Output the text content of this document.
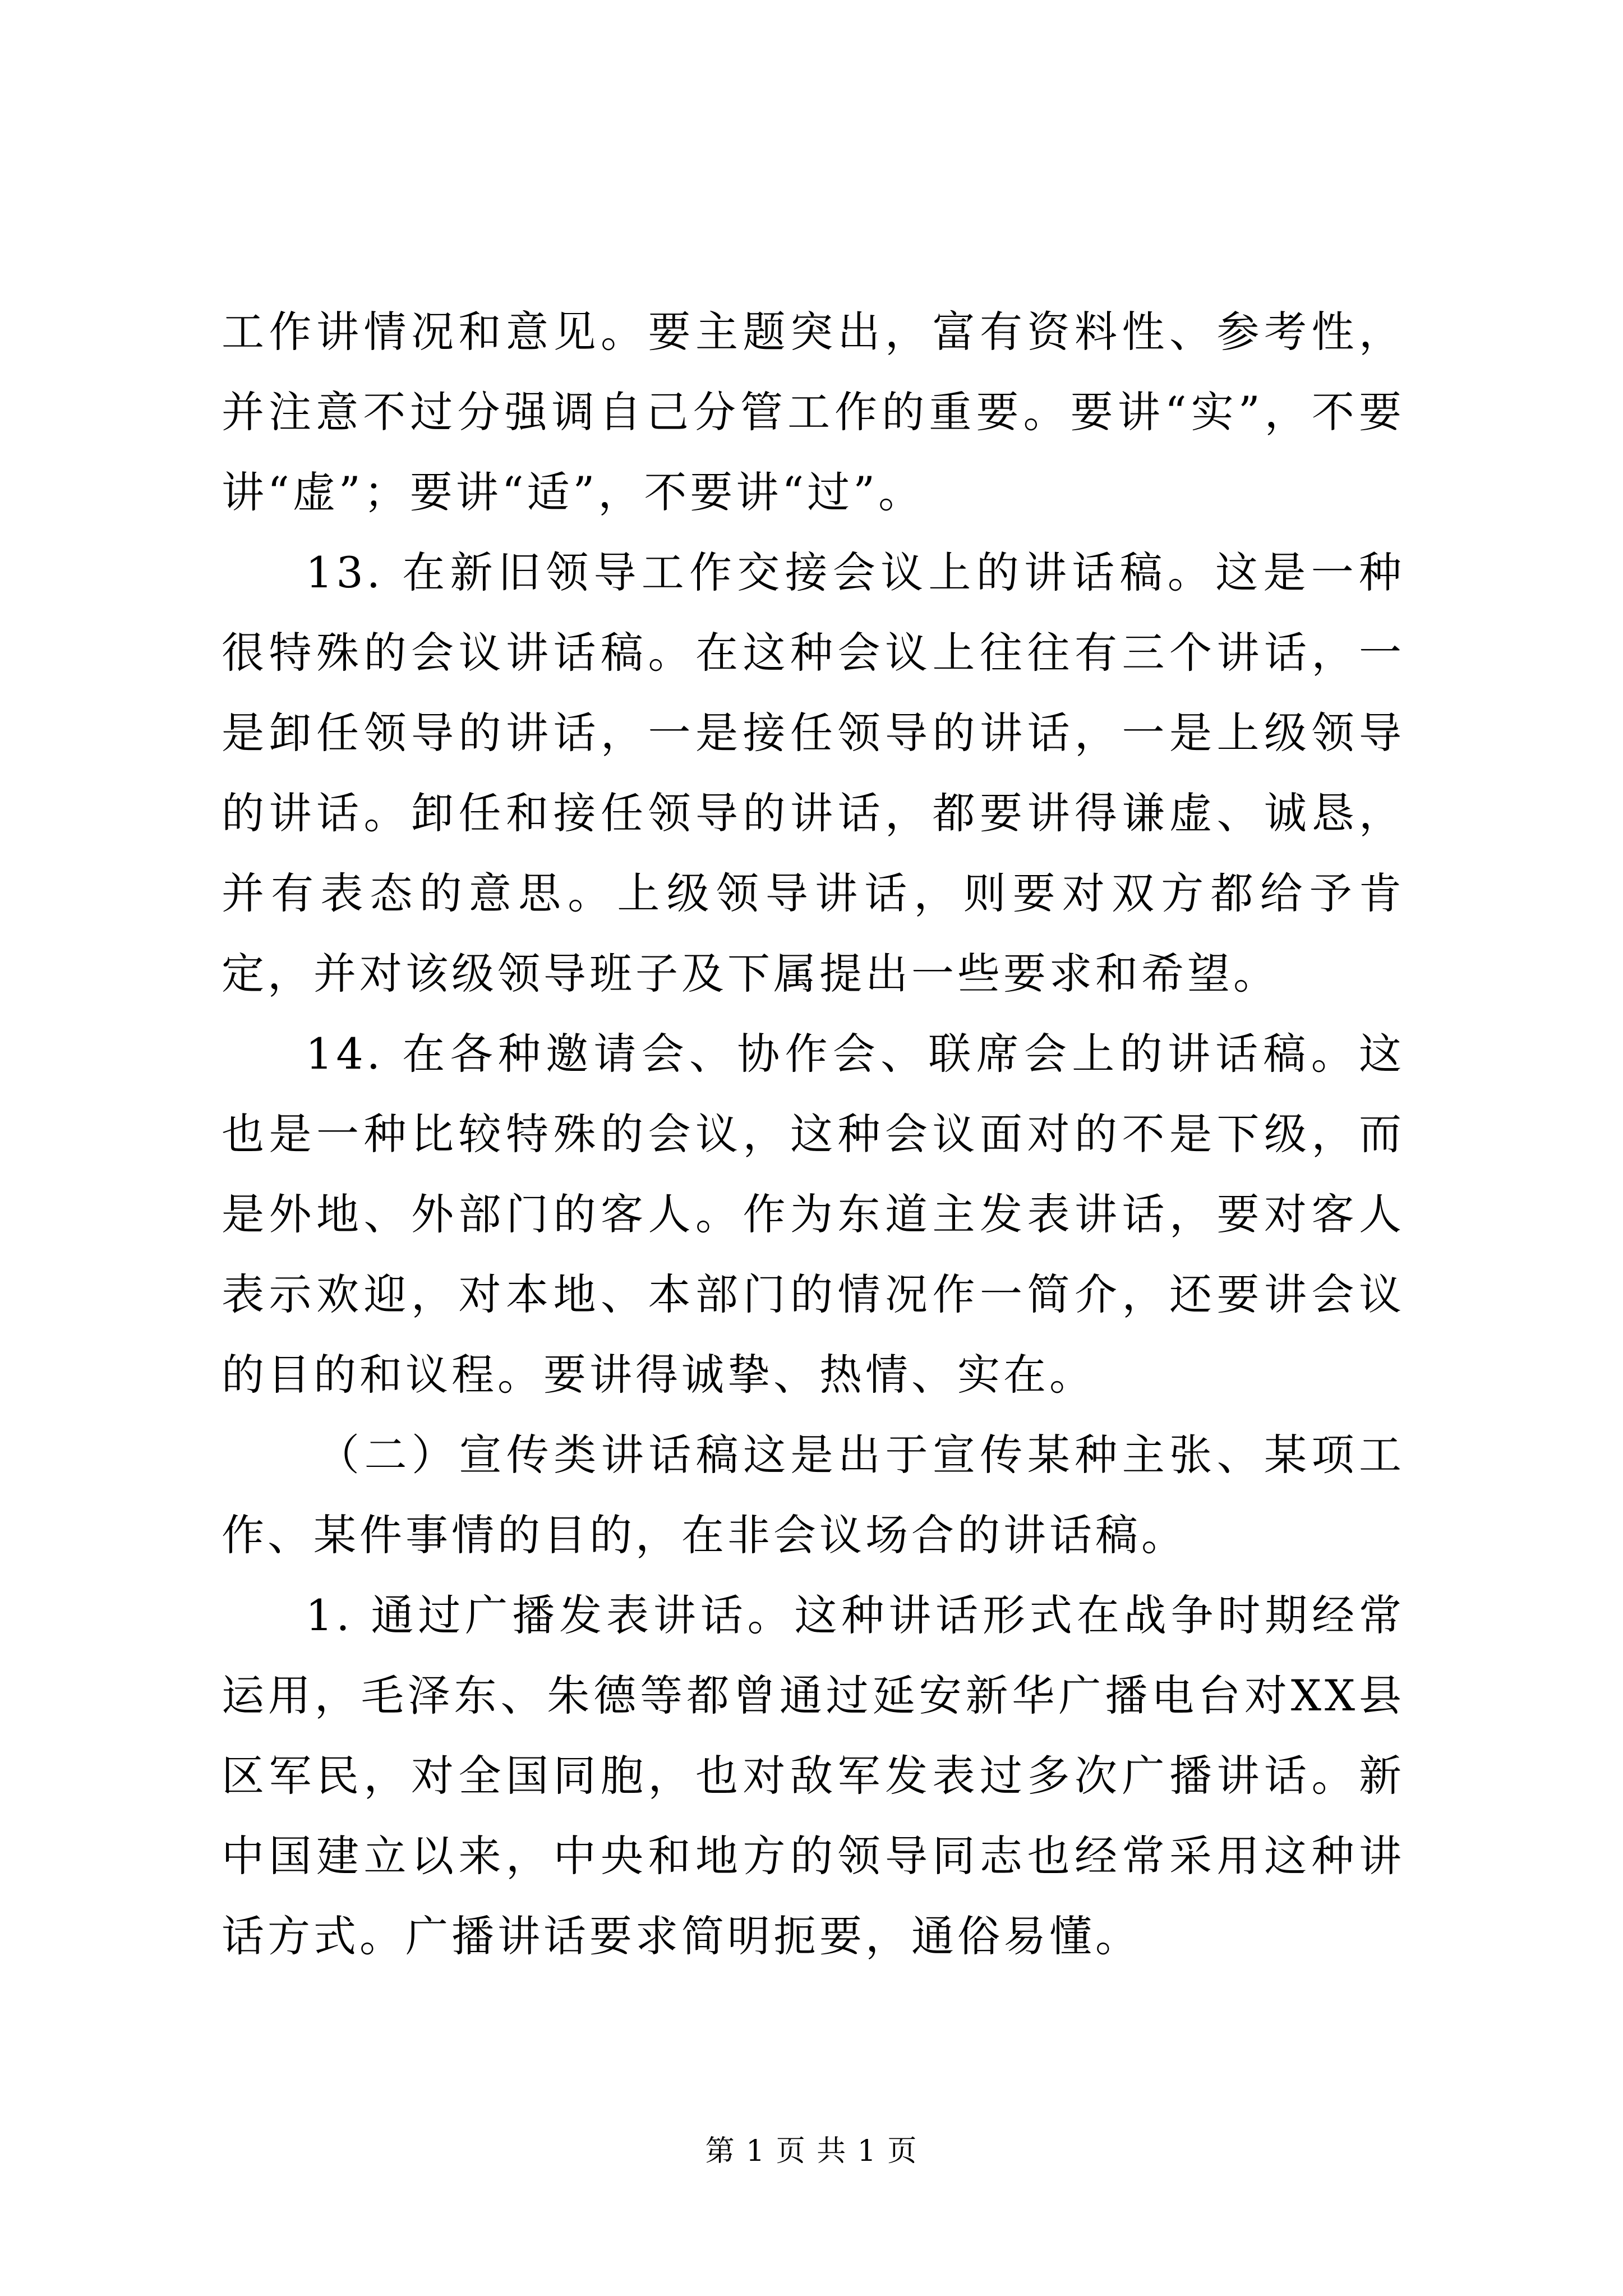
工作讲情况和意见。要主题突出，富有资料性、参考性，并注意不过分强调自己分管工作的重要。要讲“实”，不要讲“虚”；要讲“适”，不要讲“过”。

13. 在新旧领导工作交接会议上的讲话稿。这是一种很特殊的会议讲话稿。在这种会议上往往有三个讲话，一是卸任领导的讲话，一是接任领导的讲话，一是上级领导的讲话。卸任和接任领导的讲话，都要讲得谦虚、诚恳，并有表态的意思。上级领导讲话，则要对双方都给予肯定，并对该级领导班子及下属提出一些要求和希望。

14. 在各种邀请会、协作会、联席会上的讲话稿。这也是一种比较特殊的会议，这种会议面对的不是下级，而是外地、外部门的客人。作为东道主发表讲话，要对客人表示欢迎，对本地、本部门的情况作一简介，还要讲会议的目的和议程。要讲得诚挚、热情、实在。

（二）宣传类讲话稿这是出于宣传某种主张、某项工作、某件事情的目的，在非会议场合的讲话稿。

1. 通过广播发表讲话。这种讲话形式在战争时期经常运用，毛泽东、朱德等都曾通过延安新华广播电台对XX县区军民，对全国同胞，也对敌军发表过多次广播讲话。新中国建立以来，中央和地方的领导同志也经常采用这种讲话方式。广播讲话要求简明扼要，通俗易懂。

第 1 页 共 1 页
